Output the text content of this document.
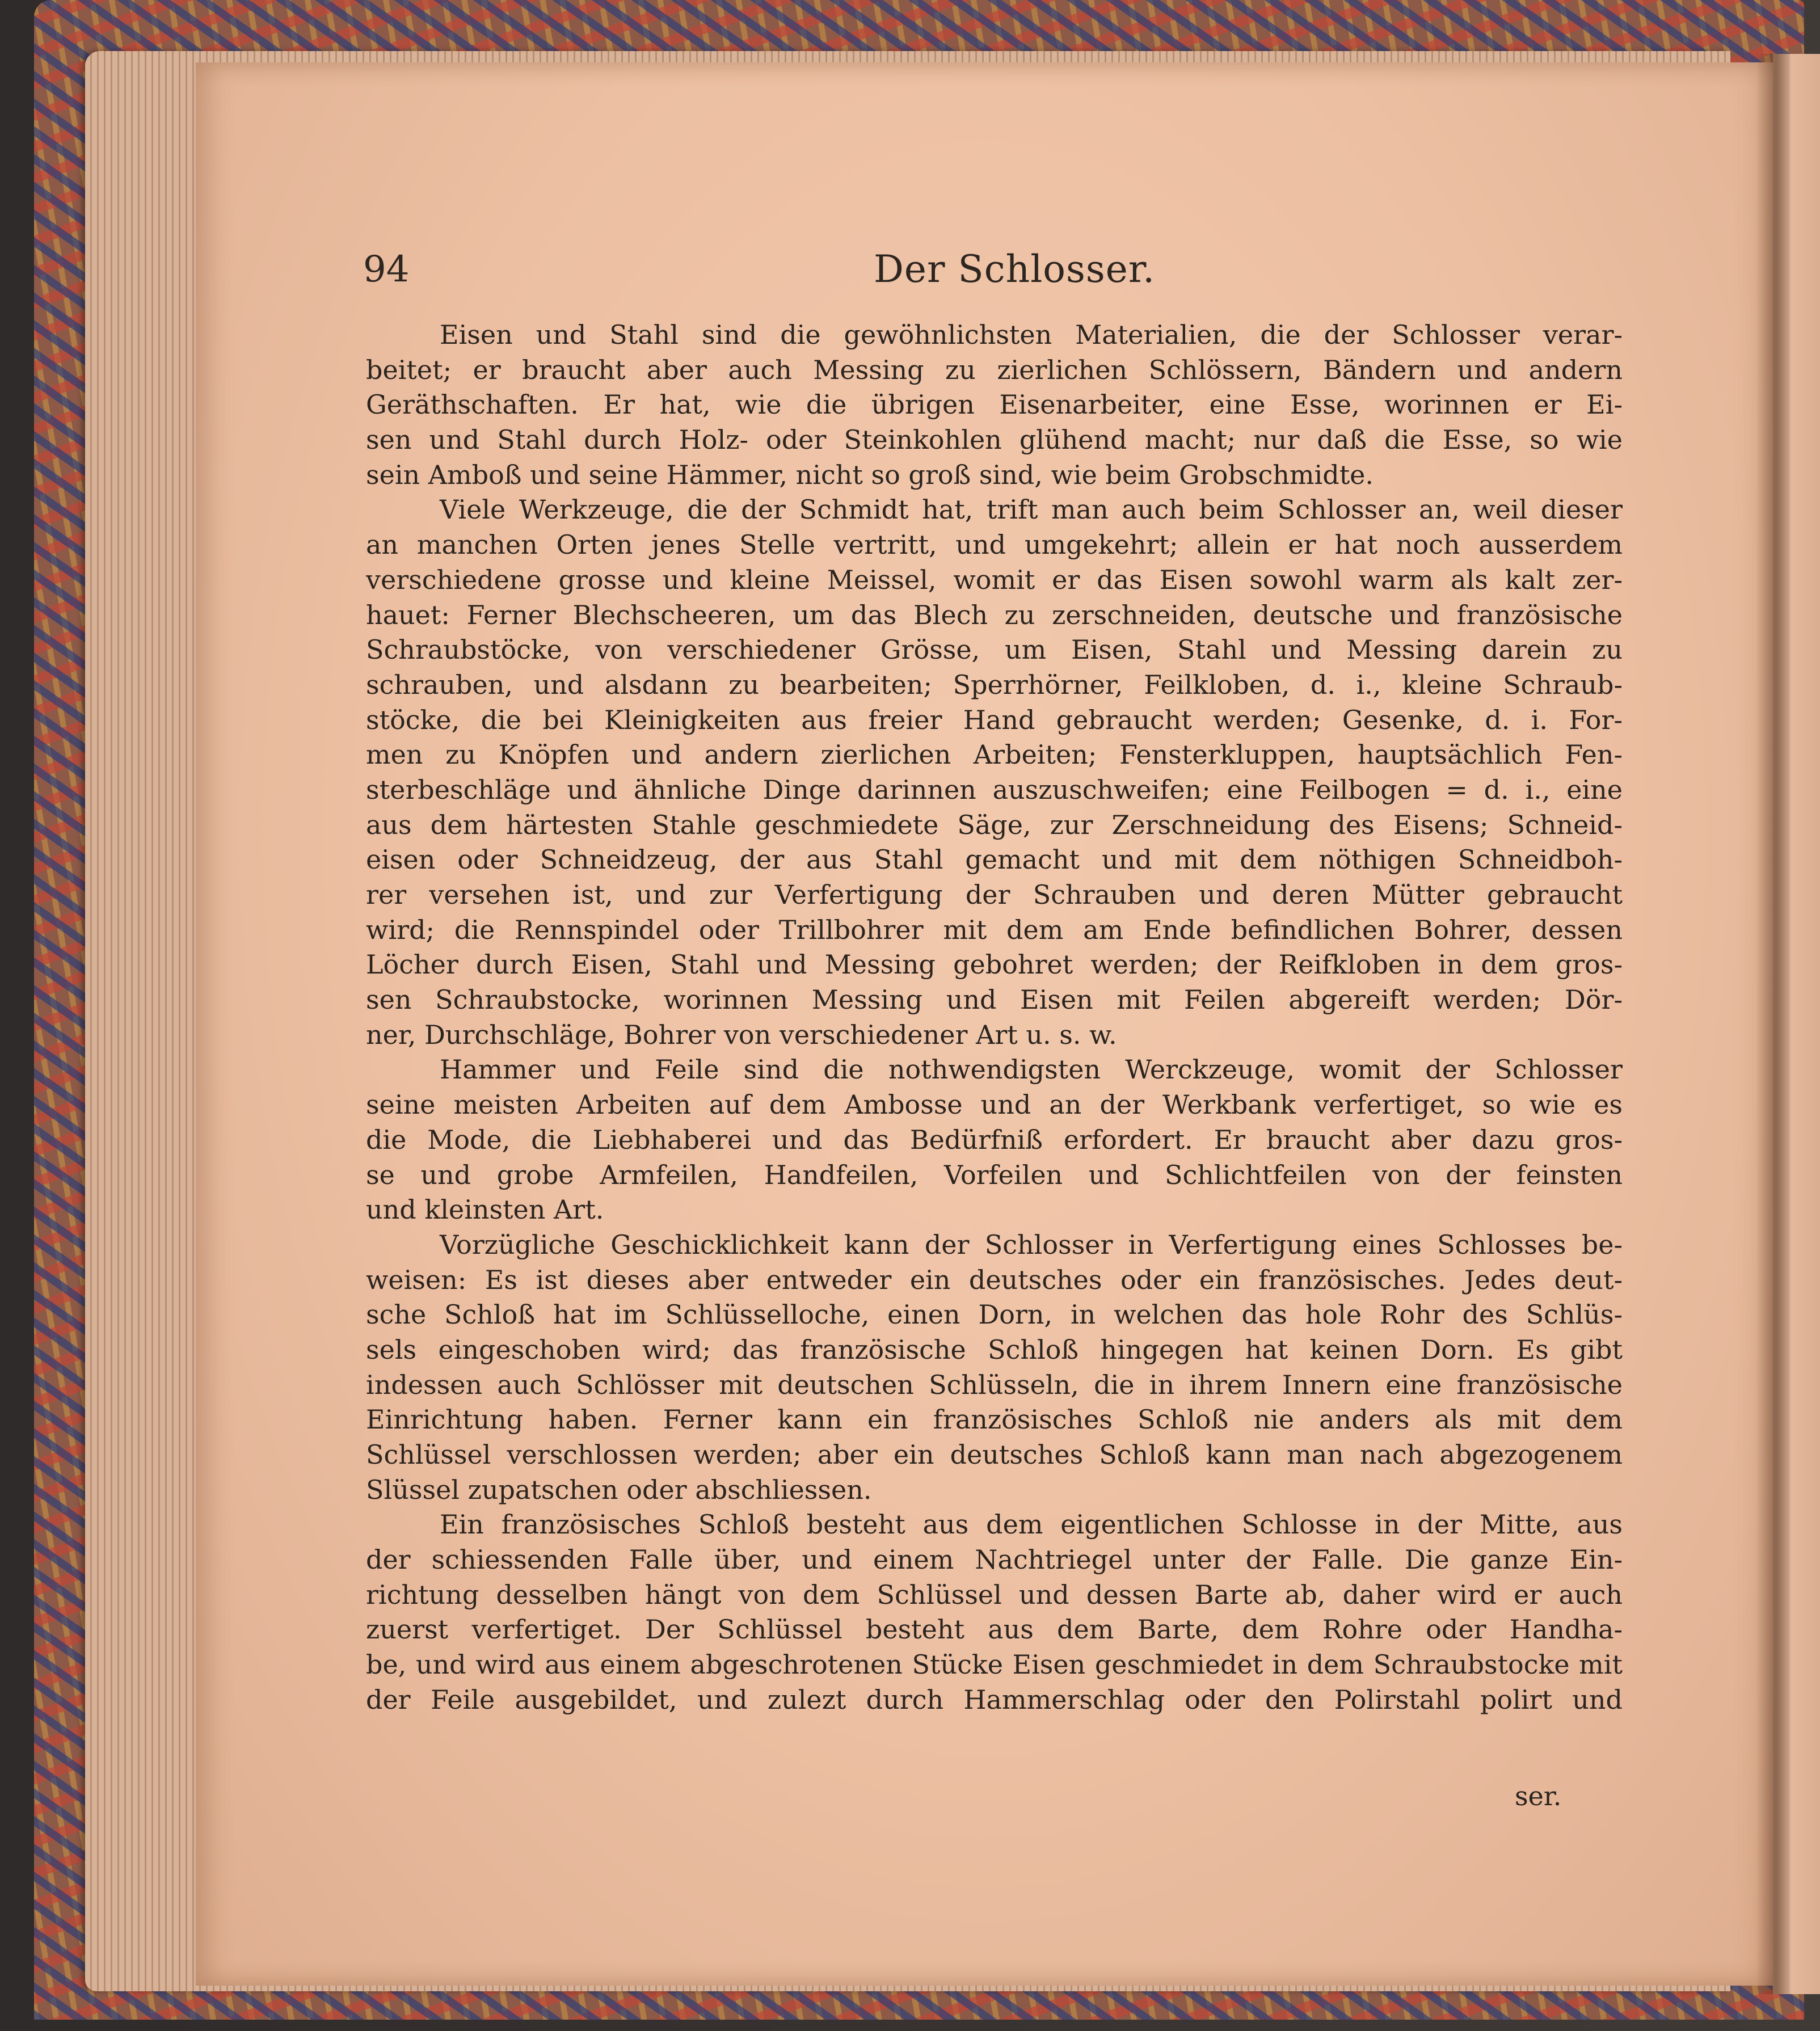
94	Der Schlosser.
Eisen und Stahl sind die gewöhnlichsten Materialien, die der Schlosser verar-
beitet; er braucht aber auch Messing zu zierlichen Schlössern, Bändern und andern
Geräthschaften. Er hat, wie die übrigen Eisenarbeiter, eine Esse, worinnen er Ei-
sen und Stahl durch Holz- oder Steinkohlen glühend macht; nur daß die Esse, so wie
sein Amboß und seine Hämmer, nicht so groß sind, wie beim Grobschmidte.
Viele Werkzeuge, die der Schmidt hat, trift man auch beim Schlosser an, weil dieser
an manchen Orten jenes Stelle vertritt, und umgekehrt; allein er hat noch ausserdem
verschiedene grosse und kleine Meissel, womit er das Eisen sowohl warm als kalt zer-
hauet: Ferner Blechscheeren, um das Blech zu zerschneiden, deutsche und französische
Schraubstöcke, von verschiedener Grösse, um Eisen, Stahl und Messing darein zu
schrauben, und alsdann zu bearbeiten; Sperrhörner, Feilkloben, d. i., kleine Schraub-
stöcke, die bei Kleinigkeiten aus freier Hand gebraucht werden; Gesenke, d. i. For-
men zu Knöpfen und andern zierlichen Arbeiten; Fensterkluppen, hauptsächlich Fen-
sterbeschläge und ähnliche Dinge darinnen auszuschweifen; eine Feilbogen = d. i., eine
aus dem härtesten Stahle geschmiedete Säge, zur Zerschneidung des Eisens; Schneid-
eisen oder Schneidzeug, der aus Stahl gemacht und mit dem nöthigen Schneidboh-
rer versehen ist, und zur Verfertigung der Schrauben und deren Mütter gebraucht
wird; die Rennspindel oder Trillbohrer mit dem am Ende befindlichen Bohrer, dessen
Löcher durch Eisen, Stahl und Messing gebohret werden; der Reifkloben in dem gros-
sen Schraubstocke, worinnen Messing und Eisen mit Feilen abgereift werden; Dör-
ner, Durchschläge, Bohrer von verschiedener Art u. s. w.
Hammer und Feile sind die nothwendigsten Werckzeuge, womit der Schlosser
seine meisten Arbeiten auf dem Ambosse und an der Werkbank verfertiget, so wie es
die Mode, die Liebhaberei und das Bedürfniß erfordert. Er braucht aber dazu gros-
se und grobe Armfeilen, Handfeilen, Vorfeilen und Schlichtfeilen von der feinsten
und kleinsten Art.
Vorzügliche Geschicklichkeit kann der Schlosser in Verfertigung eines Schlosses be-
weisen: Es ist dieses aber entweder ein deutsches oder ein französisches. Jedes deut-
sche Schloß hat im Schlüsselloche, einen Dorn, in welchen das hole Rohr des Schlüs-
sels eingeschoben wird; das französische Schloß hingegen hat keinen Dorn. Es gibt
indessen auch Schlösser mit deutschen Schlüsseln, die in ihrem Innern eine französische
Einrichtung haben. Ferner kann ein französisches Schloß nie anders als mit dem
Schlüssel verschlossen werden; aber ein deutsches Schloß kann man nach abgezogenem
Slüssel zupatschen oder abschliessen.
Ein französisches Schloß besteht aus dem eigentlichen Schlosse in der Mitte, aus
der schiessenden Falle über, und einem Nachtriegel unter der Falle. Die ganze Ein-
richtung desselben hängt von dem Schlüssel und dessen Barte ab, daher wird er auch
zuerst verfertiget. Der Schlüssel besteht aus dem Barte, dem Rohre oder Handha-
be, und wird aus einem abgeschrotenen Stücke Eisen geschmiedet in dem Schraubstocke mit
der Feile ausgebildet, und zulezt durch Hammerschlag oder den Polirstahl polirt und
ser.
